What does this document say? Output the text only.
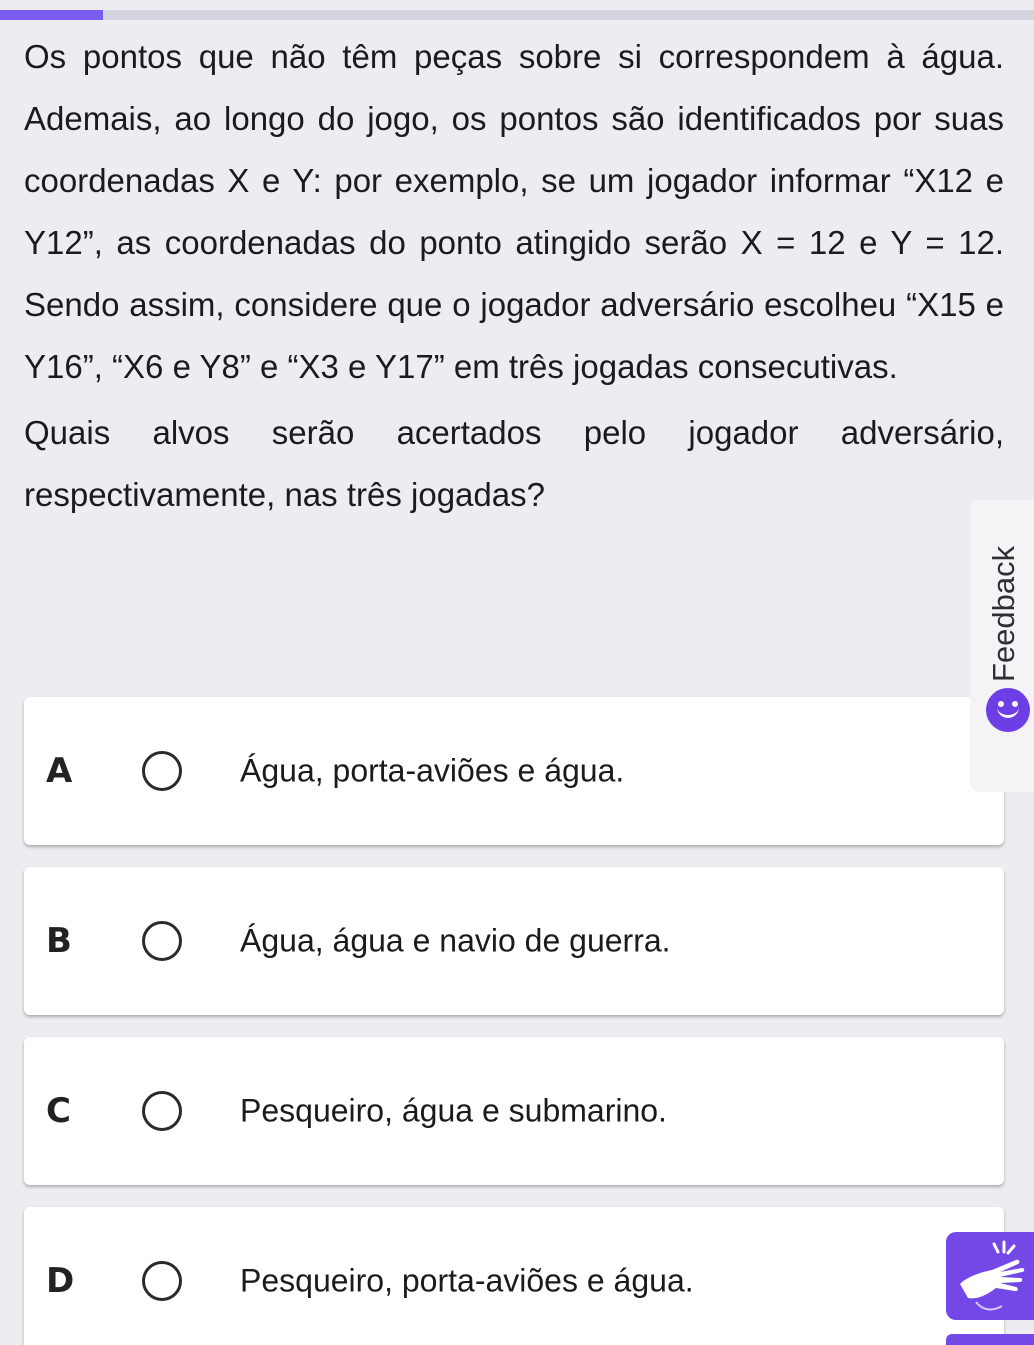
Os pontos que não têm peças sobre si correspondem à água. Ademais, ao longo do jogo, os pontos são identificados por suas coordenadas X e Y: por exemplo, se um jogador informar “X12 e Y12”, as coordenadas do ponto atingido serão X = 12 e Y = 12. Sendo assim, considere que o jogador adversário escolheu “X15 e Y16”, “X6 e Y8” e “X3 e Y17” em três jogadas consecutivas.

Quais alvos serão acertados pelo jogador adversário, respectivamente, nas três jogadas?

A	Água, porta-aviões e água.
B	Água, água e navio de guerra.
C	Pesqueiro, água e submarino.
D	Pesqueiro, porta-aviões e água.
Feedback
